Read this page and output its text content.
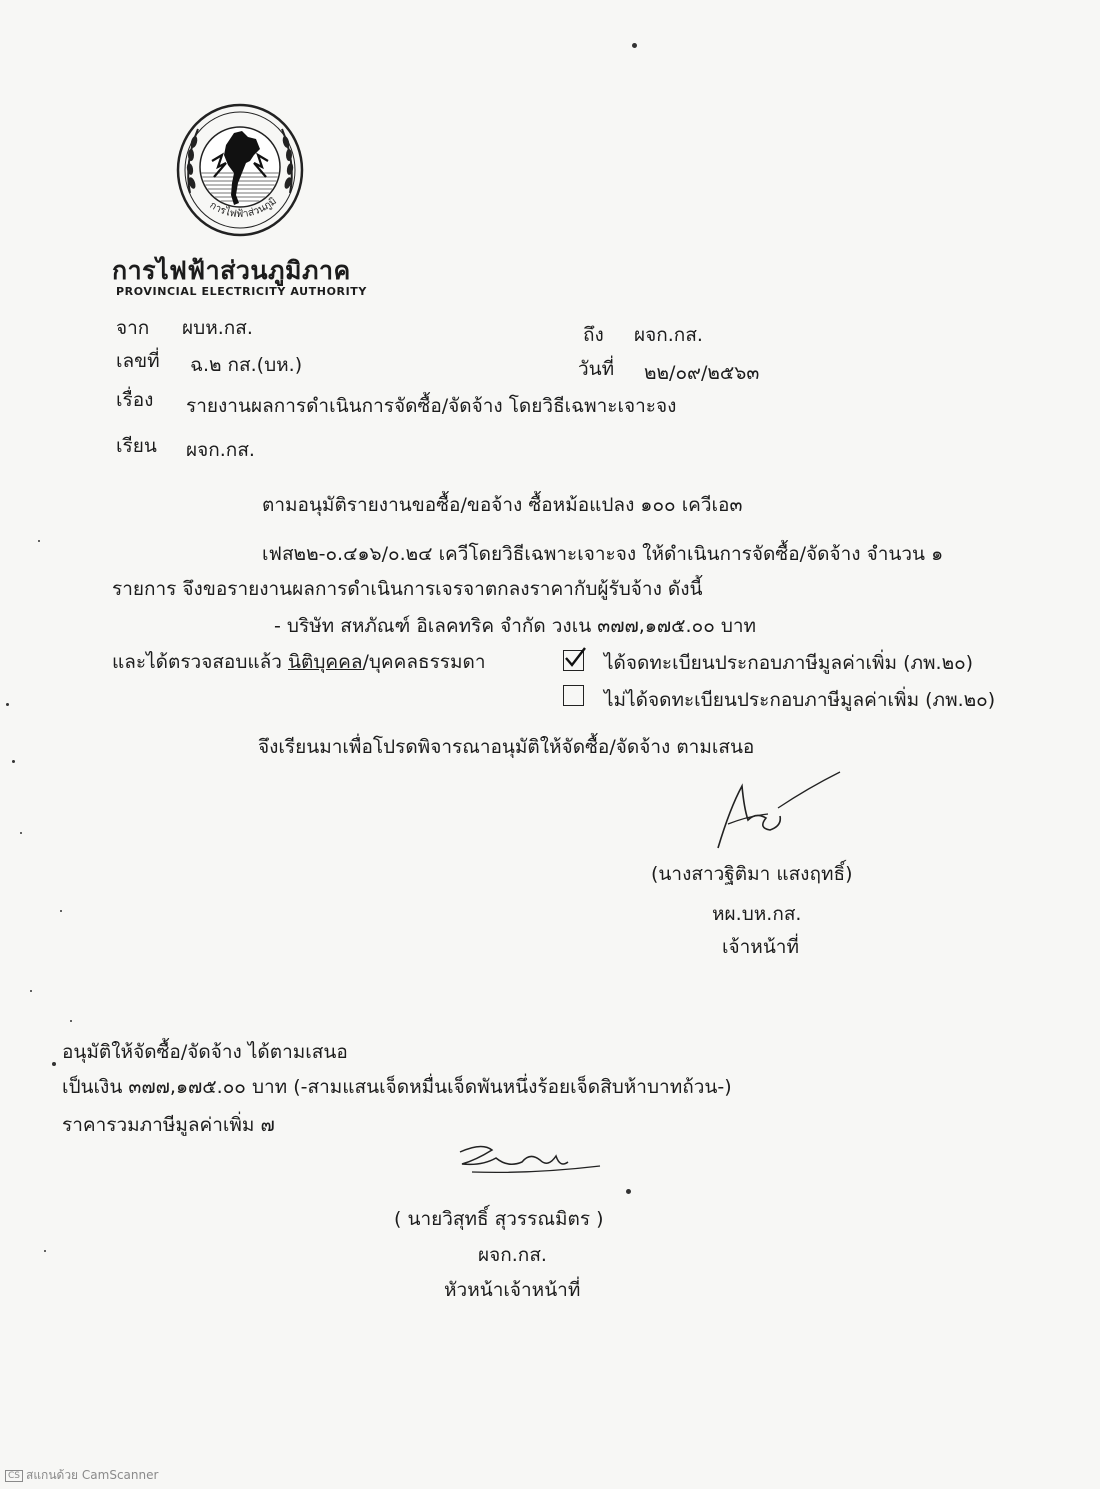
การไฟฟ้าส่วนภูมิ
การไฟฟ้าส่วนภูมิภาค
PROVINCIAL ELECTRICITY AUTHORITY
จาก ผบห.กส.	ถึง ผจก.กส.
เลขที่ ฉ.๒ กส.(บห.)	วันที่ ๒๒/๐๙/๒๕๖๓
เรื่อง รายงานผลการดำเนินการจัดซื้อ/จัดจ้าง โดยวิธีเฉพาะเจาะจง
เรียน ผจก.กส.
ตามอนุมัติรายงานขอซื้อ/ขอจ้าง ซื้อหม้อแปลง ๑๐๐ เควีเอ๓
เฟส๒๒-๐.๔๑๖/๐.๒๔ เควีโดยวิธีเฉพาะเจาะจง ให้ดำเนินการจัดซื้อ/จัดจ้าง จำนวน ๑
รายการ จึงขอรายงานผลการดำเนินการเจรจาตกลงราคากับผู้รับจ้าง ดังนี้
- บริษัท สหภัณฑ์ อิเลคทริค จำกัด วงเน ๓๗๗,๑๗๕.๐๐ บาท
และได้ตรวจสอบแล้ว นิติบุคคล/บุคคลธรรมดา	ได้จดทะเบียนประกอบภาษีมูลค่าเพิ่ม (ภพ.๒๐)
ไม่ได้จดทะเบียนประกอบภาษีมูลค่าเพิ่ม (ภพ.๒๐)
จึงเรียนมาเพื่อโปรดพิจารณาอนุมัติให้จัดซื้อ/จัดจ้าง ตามเสนอ
(นางสาวฐิติมา แสงฤทธิ์)
หผ.บห.กส.
เจ้าหน้าที่
อนุมัติให้จัดซื้อ/จัดจ้าง ได้ตามเสนอ
เป็นเงิน ๓๗๗,๑๗๕.๐๐ บาท (-สามแสนเจ็ดหมื่นเจ็ดพันหนึ่งร้อยเจ็ดสิบห้าบาทถ้วน-)
ราคารวมภาษีมูลค่าเพิ่ม ๗
( นายวิสุทธิ์ สุวรรณมิตร )
ผจก.กส.
หัวหน้าเจ้าหน้าที่
CS สแกนด้วย CamScanner
